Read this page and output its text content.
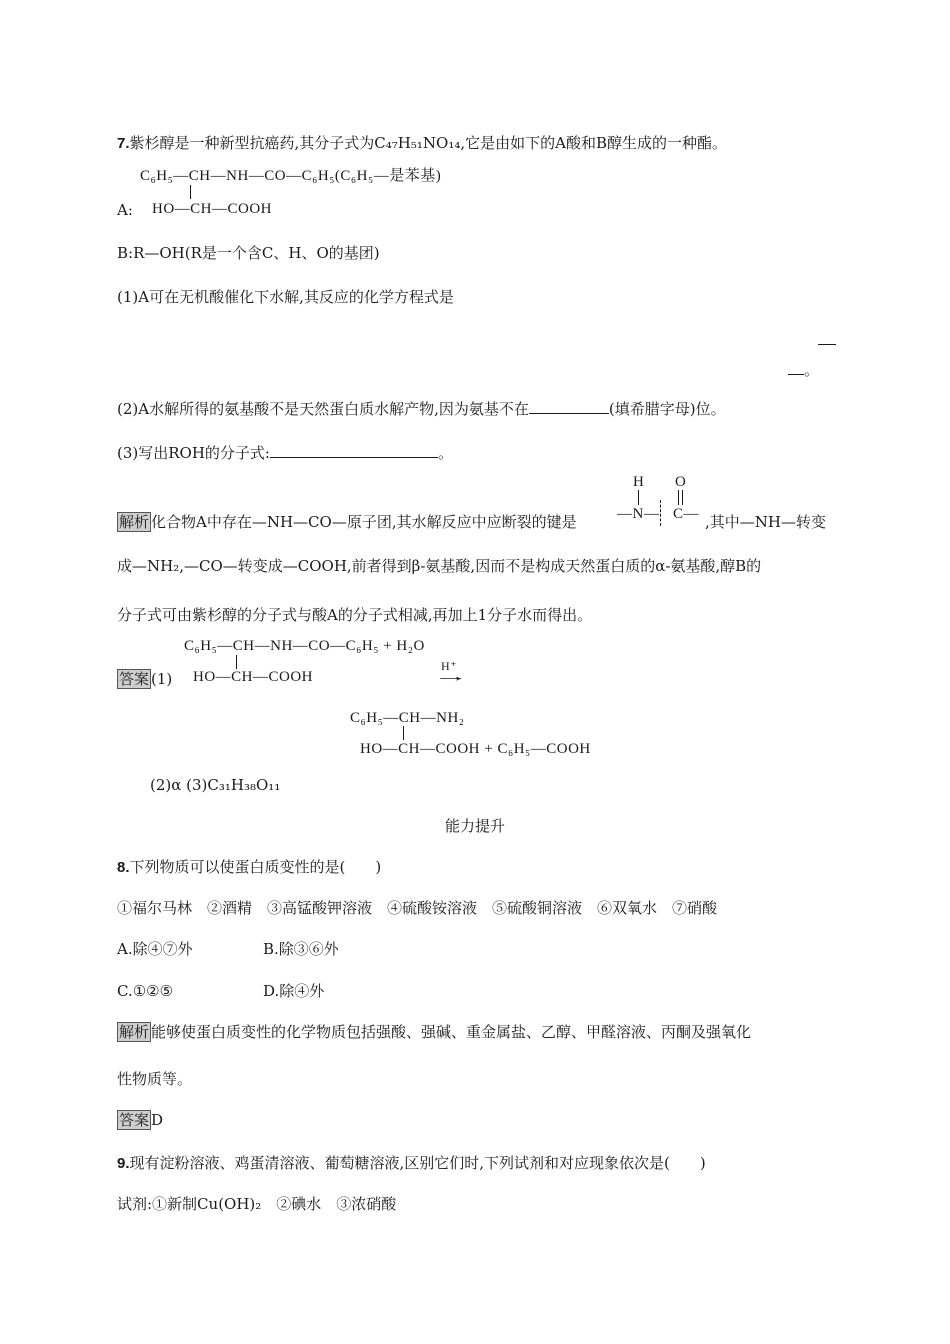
7.紫杉醇是一种新型抗癌药,其分子式为C₄₇H₅₁NO₁₄,它是由如下的A酸和B醇生成的一种酯。
C₆H₅—CH—NH—CO—C₆H₅(C₆H₅—是苯基)
A: HO—CH—COOH
B:R—OH(R是一个含C、H、O的基团)
(1)A可在无机酸催化下水解,其反应的化学方程式是
。
(2)A水解所得的氨基酸不是天然蛋白质水解产物,因为氨基不在	(填希腊字母)位。
(3)写出ROH的分子式:	。
解析 化合物A中存在—NH—CO—原子团,其水解反应中应断裂的键是
H O
—N— C— ,其中—NH—转变
成—NH₂,—CO—转变成—COOH,前者得到β-氨基酸,因而不是构成天然蛋白质的α-氨基酸,醇B的
分子式可由紫杉醇的分子式与酸A的分子式相减,再加上1分子水而得出。
C₆H₅—CH—NH—CO—C₆H₅ + H₂O
答案 (1) HO—CH—COOH
H⁺
→
C₆H₅—CH—NH₂
HO—CH—COOH + C₆H₅—COOH
(2)α (3)C₃₁H₃₈O₁₁
能力提升
8.下列物质可以使蛋白质变性的是(　　)
①福尔马林　②酒精　③高锰酸钾溶液　④硫酸铵溶液　⑤硫酸铜溶液　⑥双氧水　⑦硝酸
A.除④⑦外	B.除③⑥外
C.①②⑤	D.除④外
解析 能够使蛋白质变性的化学物质包括强酸、强碱、重金属盐、乙醇、甲醛溶液、丙酮及强氧化
性物质等。
答案 D
9.现有淀粉溶液、鸡蛋清溶液、葡萄糖溶液,区别它们时,下列试剂和对应现象依次是(　　)
试剂:①新制Cu(OH)₂　②碘水　③浓硝酸
